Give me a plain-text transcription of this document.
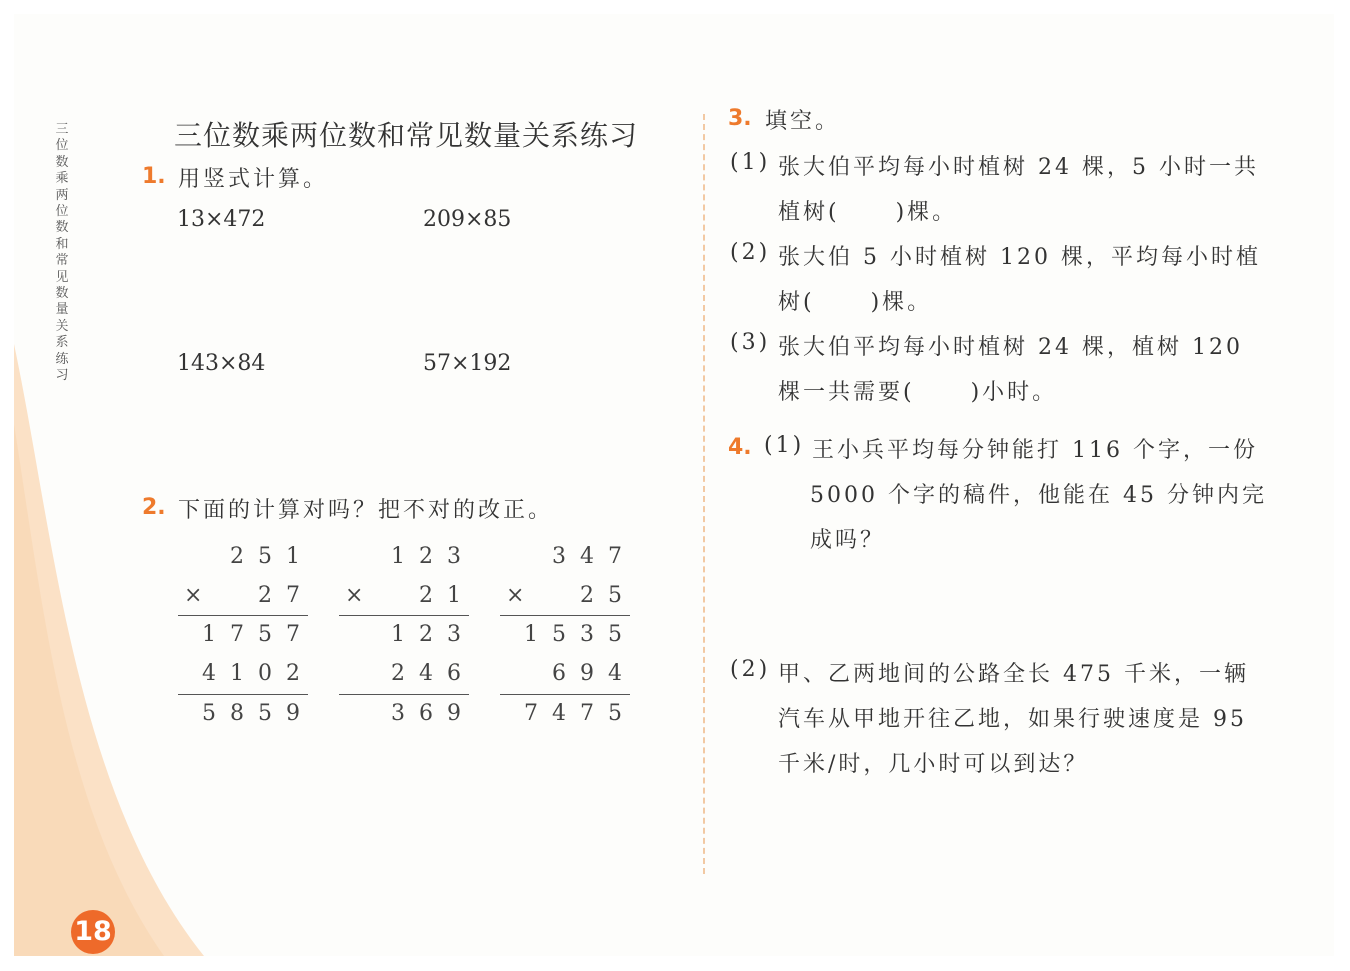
三
位
数
乘
两
位
数
和
常
见
数
量
关
系
练
习
三位数乘两位数和常见数量关系练习
1. 用竖式计算。
13×472	209×85
143×84	57×192
2. 下面的计算对吗？把不对的改正。
251
×	27
1757
4102
5859
123
×	21
123
246
369
347
×	25
1535
694
7475
3. 填空。
(1) 张大伯平均每小时植树 24 棵，5 小时一共
植树(	)棵。
(2) 张大伯 5 小时植树 120 棵，平均每小时植
树(	)棵。
(3) 张大伯平均每小时植树 24 棵，植树 120
棵一共需要(	)小时。
4. (1) 王小兵平均每分钟能打 116 个字，一份
5000 个字的稿件，他能在 45 分钟内完
成吗？
(2) 甲、乙两地间的公路全长 475 千米，一辆
汽车从甲地开往乙地，如果行驶速度是 95
千米/时，几小时可以到达？
18
